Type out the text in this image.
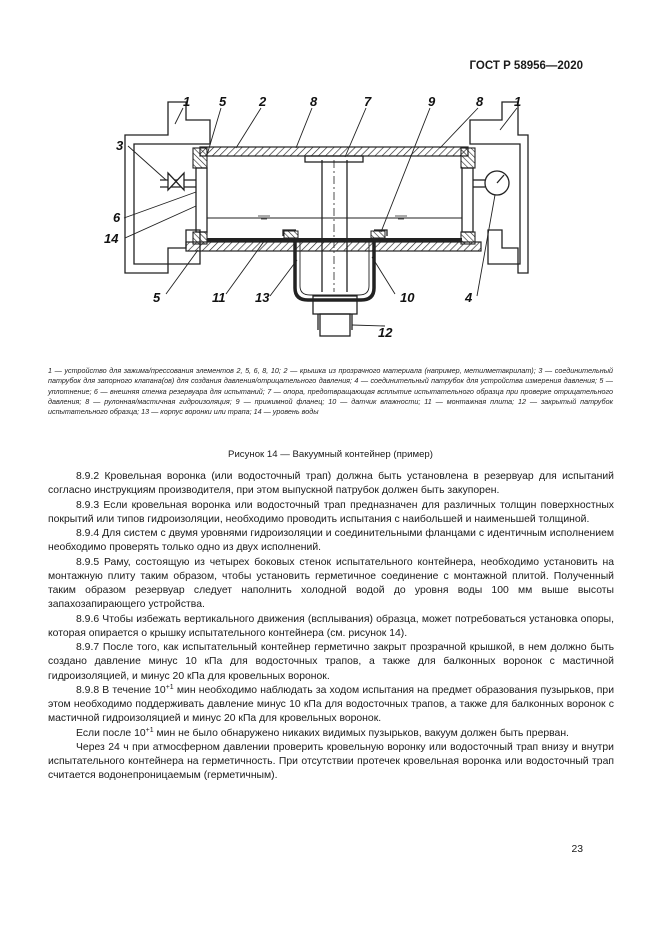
ГОСТ Р 58956—2020
1 5	2	8	7	9	8 1
3
6
14
5	11 13	10	4
12
1 — устройство для зажима/прессования элементов 2, 5, 6, 8, 10; 2 — крышка из прозрачного материала (например, метилметакрилат); 3 — соединительный патрубок для запорного клапана(ов) для создания давления/отрицательного давления; 4 — соединительный патрубок для устройства измерения давления; 5 — уплотнение; 6 — внешняя стенка резервуара для испытаний; 7 — опора, предотвращающая всплытие испытательного образца при проверке отрицательного давления; 8 — рулонная/мастичная гидроизоляция; 9 — прижимной фланец; 10 — датчик влажности; 11 — монтажная плита; 12 — закрытый патрубок испытательного образца; 13 — корпус воронки или трапа; 14 — уровень воды
Рисунок 14 — Вакуумный контейнер (пример)

8.9.2 Кровельная воронка (или водосточный трап) должна быть установлена в резервуар для испытаний согласно инструкциям производителя, при этом выпускной патрубок должен быть закупорен.

8.9.3 Если кровельная воронка или водосточный трап предназначен для различных толщин поверхностных покрытий или типов гидроизоляции, необходимо проводить испытания с наибольшей и наименьшей толщиной.

8.9.4 Для систем с двумя уровнями гидроизоляции и соединительными фланцами с идентичным исполнением необходимо проверять только одно из двух исполнений.

8.9.5 Раму, состоящую из четырех боковых стенок испытательного контейнера, необходимо установить на монтажную плиту таким образом, чтобы установить герметичное соединение с монтажной плитой. Полученный таким образом резервуар следует наполнить холодной водой до уровня воды 100 мм выше высоты запахозапирающего устройства.

8.9.6 Чтобы избежать вертикального движения (всплывания) образца, может потребоваться установка опоры, которая опирается о крышку испытательного контейнера (см. рисунок 14).

8.9.7 После того, как испытательный контейнер герметично закрыт прозрачной крышкой, в нем должно быть создано давление минус 10 кПа для водосточных трапов, а также для балконных воронок с мастичной гидроизоляцией, и минус 20 кПа для кровельных воронок.

8.9.8 В течение $10^{+1}$ мин необходимо наблюдать за ходом испытания на предмет образования пузырьков, при этом необходимо поддерживать давление минус 10 кПа для водосточных трапов, а также для балконных воронок с мастичной гидроизоляцией и минус 20 кПа для кровельных воронок.

Если после $10^{+1}$ мин не было обнаружено никаких видимых пузырьков, вакуум должен быть прерван.

Через 24 ч при атмосферном давлении проверить кровельную воронку или водосточный трап внизу и внутри испытательного контейнера на герметичность. При отсутствии протечек кровельная воронка или водосточный трап считается водонепроницаемым (герметичным).

23
